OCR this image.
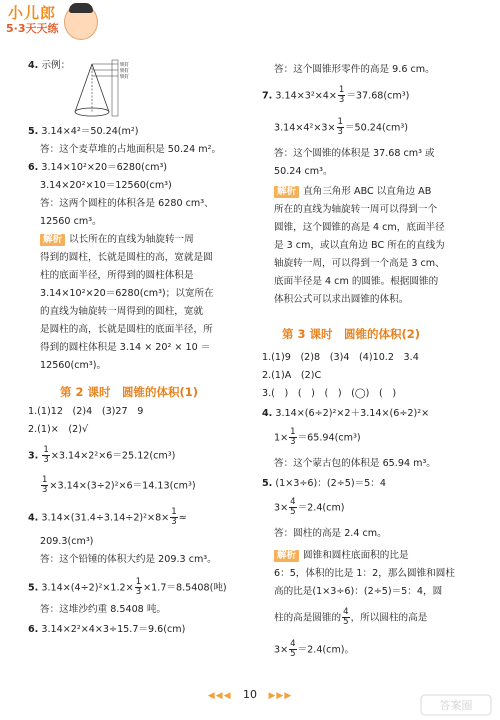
小儿郎
5·3天天练
4. 示例：	铁钉
铁钉
铁钉
5. 3.14×4²＝50.24(m²)
答：这个麦草堆的占地面积是 50.24 m²。
6. 3.14×10²×20＝6280(cm³)
3.14×20²×10＝12560(cm³)
答：这两个圆柱的体积各是 6280 cm³、
12560 cm³。
解析 以长所在的直线为轴旋转一周
得到的圆柱，长就是圆柱的高，宽就是圆
柱的底面半径，所得到的圆柱体积是
3.14×10²×20＝6280(cm³)；以宽所在
的直线为轴旋转一周得到的圆柱，宽就
是圆柱的高，长就是圆柱的底面半径，所
得到的圆柱体积是 3.14 × 20² × 10 ＝
12560(cm³)。
第 2 课时　圆锥的体积(1)
1.(1)12　(2)4　(3)27　9
2.(1)×　(2)√
3. $\frac{1}{3} \times 3.14\times 2^2\times 6=25.12(cm^3)$
$\frac{1}{3} \times 3.14\times(3\div 2)^2\times 6=14.13(cm^3)$
4. $3.14\times(31.4\div 3.14\div 2)^2\times 8\times \frac{1}{3}$ ≈
209.3(cm³)
答：这个铅锤的体积大约是 209.3 cm³。
5. $3.14\times(4\div 2)^2\times 1.2\times \frac{1}{3} \times 1.7=8.5408$(吨)
答：这堆沙约重 8.5408 吨。
6. 3.14×2²×4×3÷15.7＝9.6(cm)
答：这个圆锥形零件的高是 9.6 cm。
7. $3.14\times 3^2\times 4\times \frac{1}{3} =37.68(cm^3)$
$3.14\times 4^2\times 3\times \frac{1}{3} =50.24(cm^3)$
答：这个圆锥的体积是 37.68 cm³ 或
50.24 cm³。
解析 直角三角形 ABC 以直角边 AB
所在的直线为轴旋转一周可以得到一个
圆锥，这个圆锥的高是 4 cm，底面半径
是 3 cm，或以直角边 BC 所在的直线为
轴旋转一周，可以得到一个高是 3 cm、
底面半径是 4 cm 的圆锥。根据圆锥的
体积公式可以求出圆锥的体积。
第 3 课时　圆锥的体积(2)
1.(1)9　(2)8　(3)4　(4)10.2　3.4
2.(1)A　(2)C
3.(　)　(　)　(　)　(◯)　(　)
4. 3.14×(6÷2)²×2＋3.14×(6÷2)²×
$1\times \frac{1}{3} =65.94(cm^3)$
答：这个蒙古包的体积是 65.94 m³。
5. (1×3÷6)：(2÷5)＝5：4
$3\times \frac{4}{5} =2.4(cm)$
答：圆柱的高是 2.4 cm。
解析 圆锥和圆柱底面积的比是
6：5，体积的比是 1：2，那么圆锥和圆柱
高的比是(1×3÷6)：(2÷5)＝5：4，圆
柱的高是圆锥的 $\frac{4}{5}$ ，所以圆柱的高是
$3\times \frac{4}{5} =2.4(cm)$。
◀◀◀ 10 ▶▶▶
答案圈
